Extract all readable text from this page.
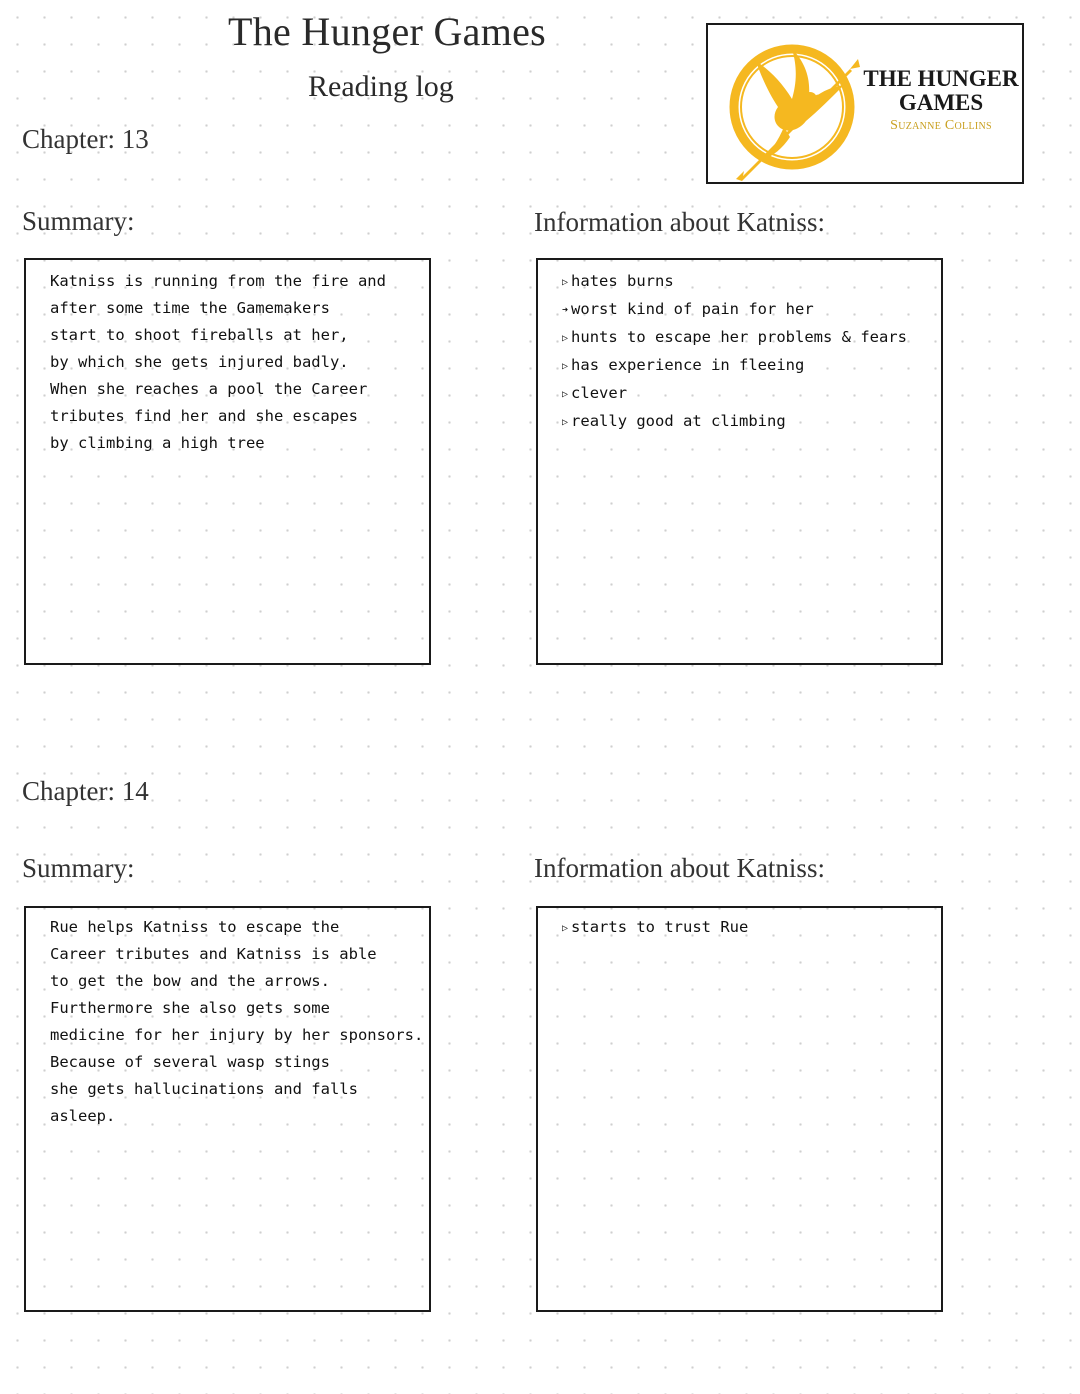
The Hunger Games
Reading log	THE HUNGER GAMES
Suzanne Collins
Chapter: 13
Summary:	Information about Katniss:
Katniss is running from the fire and
after some time the Gamemakers
start to shoot fireballs at her,
by which she gets injured badly.
When she reaches a pool the Career
tributes find her and she escapes
by climbing a high tree
▷ hates burns
➜ worst kind of pain for her
▷ hunts to escape her problems & fears
▷ has experience in fleeing
▷ clever
▷ really good at climbing
Chapter: 14
Summary:	Information about Katniss:
Rue helps Katniss to escape the
Career tributes and Katniss is able
to get the bow and the arrows.
Furthermore she also gets some
medicine for her injury by her sponsors.
Because of several wasp stings
she gets hallucinations and falls
asleep.
▷ starts to trust Rue
